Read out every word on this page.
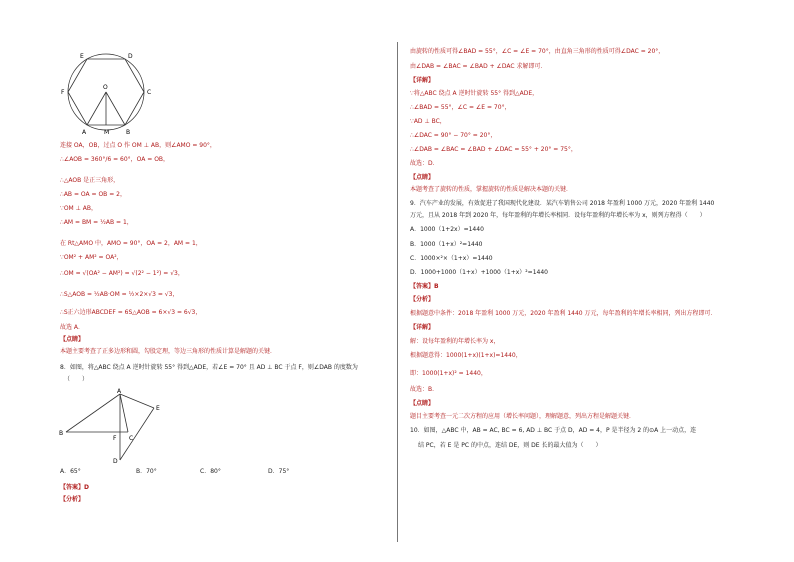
E	D
F	C
O
A	M	B
连接 OA，OB，过点 O 作 OM ⊥ AB，则∠AMO = 90°，
∴∠AOB = 360°/6 = 60°，OA = OB，
∴△AOB 是正三角形，
∴AB = OA = OB = 2，
∵OM ⊥ AB，
∴AM = BM = ½AB = 1，
在 Rt△AMO 中，AMO = 90°，OA = 2，AM = 1，
∵OM² + AM² = OA²，
∴OM = √(OA² − AM²) = √(2² − 1²) = √3，
∴S△AOB = ½AB·OM = ½×2×√3 = √3，
∴S正六边形ABCDEF = 6S△AOB = 6×√3 = 6√3，
故选 A．
【点睛】
本题主要考查了正多边形和圆，勾股定理，等边三角形的性质计算是解题的关键．
8．如图，将△ABC 绕点 A 逆时针旋转 55° 得到△ADE，若∠E = 70° 且 AD ⊥ BC 于点 F，则∠DAB 的度数为
（　　）
A
E
B
F C
D
A．65°	B．70°	C．80°	D．75°
【答案】D
【分析】
由旋转的性质可得∠BAD = 55°，∠C = ∠E = 70°，由直角三角形的性质可得∠DAC = 20°，
由∠DAB = ∠BAC = ∠BAD + ∠DAC 求解即可．
【详解】
∵将△ABC 绕点 A 逆时针旋转 55° 得到△ADE，
∴∠BAD = 55°，∠C = ∠E = 70°，
∵AD ⊥ BC，
∴∠DAC = 90° − 70° = 20°，
∴∠DAB = ∠BAC = ∠BAD + ∠DAC = 55° + 20° = 75°，
故选：D．
【点睛】
本题考查了旋转的性质，掌握旋转的性质是解决本题的关键．
9．汽车产业的发展，有效促进了我国现代化建设．某汽车销售公司 2018 年盈利 1000 万元，2020 年盈利 1440
万元，且从 2018 年到 2020 年，每年盈利的年增长率相同．设每年盈利的年增长率为 x，则列方程得（　　）
A．1000（1+2x）=1440
B．1000（1+x）²=1440
C．1000×²×（1+x）=1440
D．1000+1000（1+x）+1000（1+x）²=1440
【答案】B
【分析】
根据题意中条件：2018 年盈利 1000 万元，2020 年盈利 1440 万元，每年盈利的年增长率相同，列出方程即可．
【详解】
解：设每年盈利的年增长率为 x，
根据题意得：1000(1+x)(1+x)=1440，
即：1000(1+x)² = 1440，
故选：B．
【点睛】
题目主要考查一元二次方程的应用（增长率问题），理解题意，列出方程是解题关键．
10．如图，△ABC 中，AB = AC, BC = 6, AD ⊥ BC 于点 D，AD = 4，P 是半径为 2 的⊙A 上一动点，连
结 PC，若 E 是 PC 的中点，连结 DE，则 DE 长的最大值为（　　）
